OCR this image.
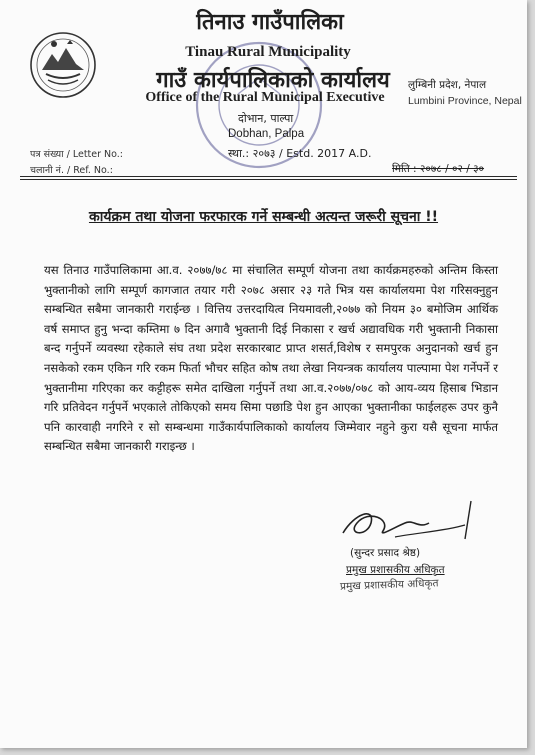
तिनाउ गाउँपालिका
Tinau Rural Municipality
गाउँ कार्यपालिकाको कार्यालय
Office of the Rural Municipal Executive
लुम्बिनी प्रदेश, नेपाल
Lumbini Province, Nepal
दोभान, पाल्पा
Dobhan, Palpa
स्था.: २०७३ / Estd. 2017 A.D.
पत्र संख्या / Letter No.:
चलानी नं. / Ref. No.:	मिति : २०७८ / ०२ / ३०
कार्यक्रम तथा योजना फरफारक गर्ने सम्बन्धी अत्यन्त जरूरी सूचना !!
यस तिनाउ गाउँपालिकामा आ.व. २०७७/७८ मा संचालित सम्पूर्ण योजना तथा कार्यक्रमहरुको अन्तिम किस्ता भुक्तानीको लागि सम्पूर्ण कागजात तयार गरी २०७८ असार २३ गते भित्र यस कार्यालयमा पेश गरिसक्नुहुन सम्बन्धित सबैमा जानकारी गराईन्छ । वित्तिय उत्तरदायित्व नियमावली,२०७७ को नियम ३० बमोजिम आर्थिक वर्ष समाप्त हुनु भन्दा कम्तिमा ७ दिन अगावै भुक्तानी दिई निकासा र खर्च अद्यावधिक गरी भुक्तानी निकासा बन्द गर्नुपर्ने व्यवस्था रहेकाले संघ तथा प्रदेश सरकारबाट प्राप्त शसर्त,विशेष र समपुरक अनुदानको खर्च हुन नसकेको रकम एकिन गरि रकम फिर्ता भौचर सहित कोष तथा लेखा नियन्त्रक कार्यालय पाल्पामा पेश गर्नेपर्ने र भुक्तानीमा गरिएका कर कट्टीहरू समेत दाखिला गर्नुपर्ने तथा आ.व.२०७७/०७८ को आय-व्यय हिसाब भिडान गरि प्रतिवेदन गर्नुपर्ने भएकाले तोकिएको समय सिमा पछाडि पेश हुन आएका भुक्तानीका फाईलहरू उपर कुनै पनि कारवाही नगरिने र सो सम्बन्धमा गाउँकार्यपालिकाको कार्यालय जिम्मेवार नहुने कुरा यसै सूचना मार्फत सम्बन्धित सबैमा जानकारी गराइन्छ ।
(सुन्दर प्रसाद श्रेष्ठ)
प्रमुख प्रशासकीय अधिकृत
प्रमुख प्रशासकीय अधिकृत
